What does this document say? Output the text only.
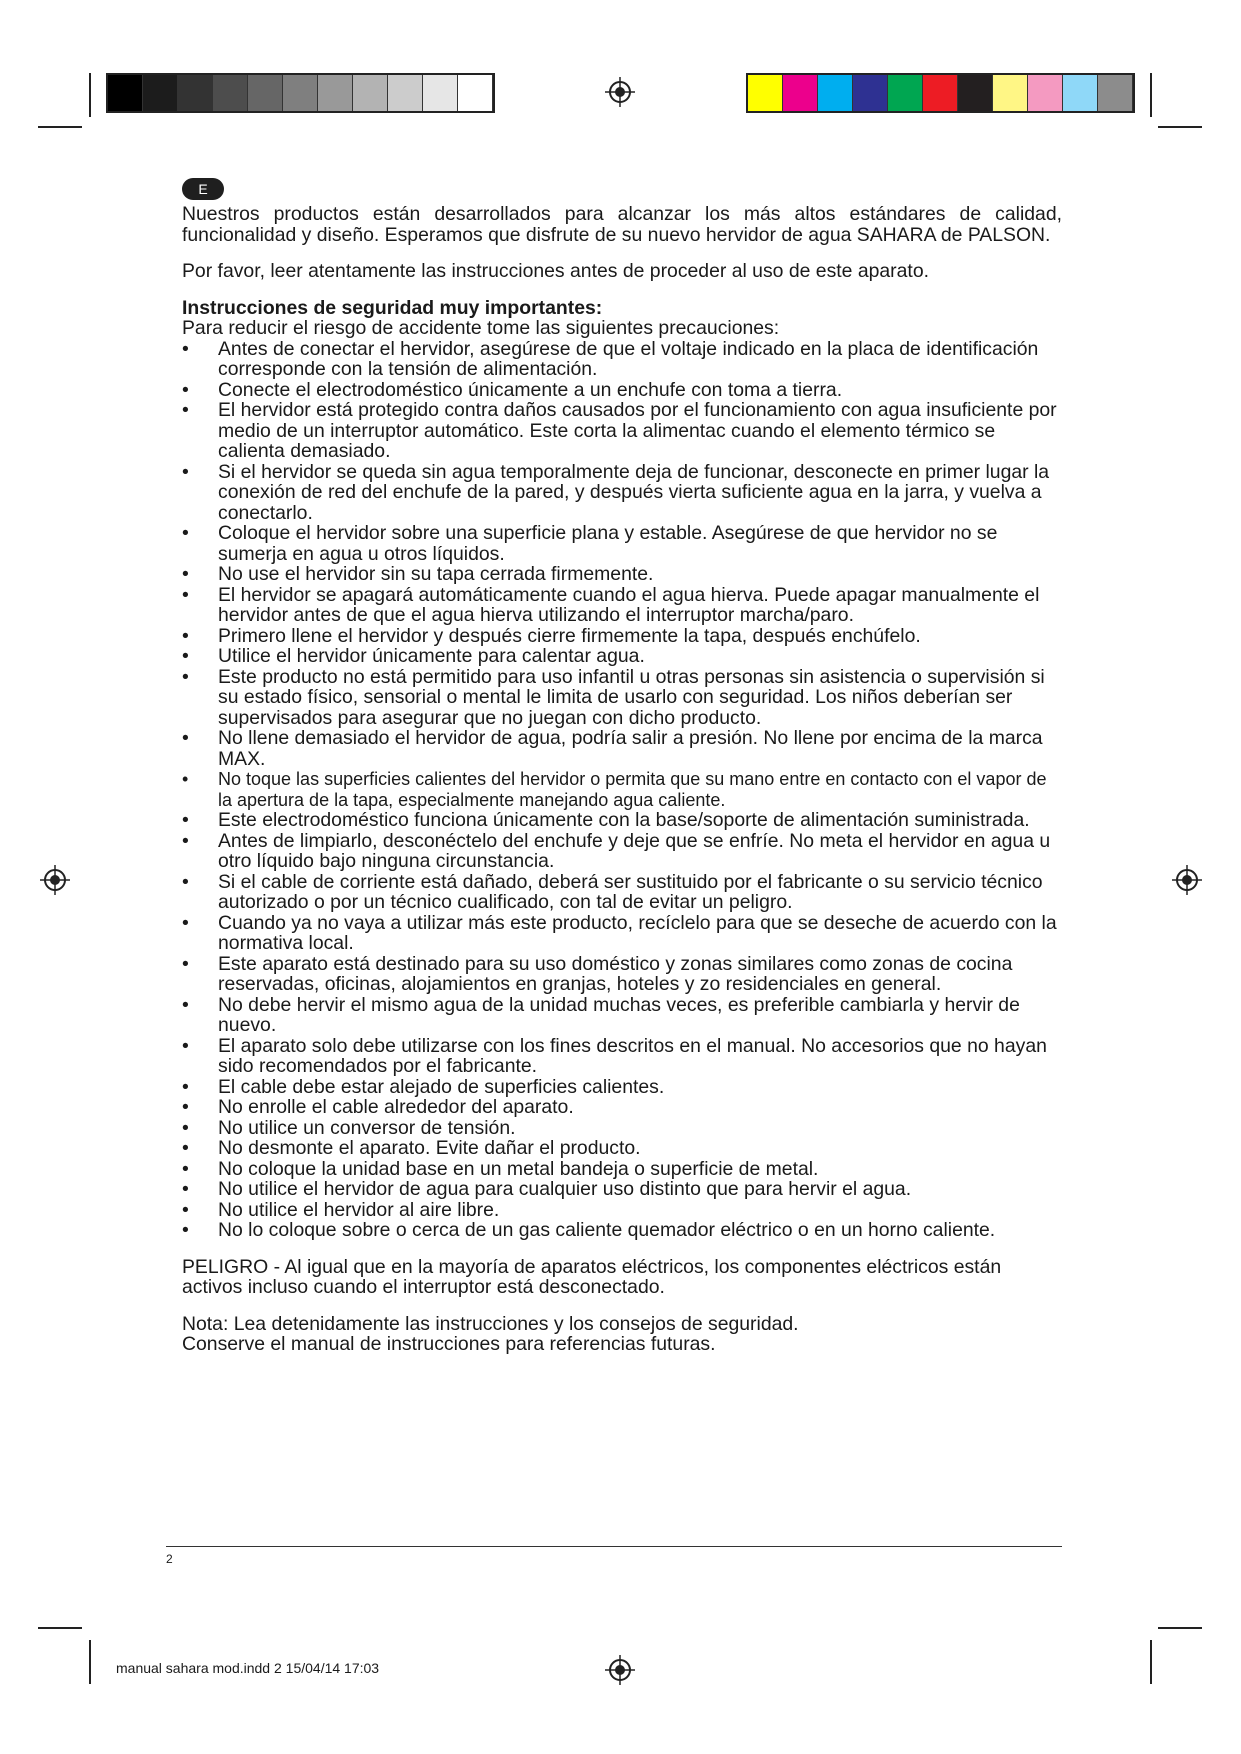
E

Nuestros productos están desarrollados para alcanzar los más altos estándares de calidad, funcionalidad y diseño. Esperamos que disfrute de su nuevo hervidor de agua SAHARA de PALSON.

Por favor, leer atentamente las instrucciones antes de proceder al uso de este aparato.

Instrucciones de seguridad muy importantes:

Para reducir el riesgo de accidente tome las siguientes precauciones:

• Antes de conectar el hervidor, asegúrese de que el voltaje indicado en la placa de identificación corresponde con la tensión de alimentación.
• Conecte el electrodoméstico únicamente a un enchufe con toma a tierra.
• El hervidor está protegido contra daños causados por el funcionamiento con agua insuficiente por medio de un interruptor automático. Este corta la alimentac cuando el elemento térmico se calienta demasiado.
• Si el hervidor se queda sin agua temporalmente deja de funcionar, desconecte en primer lugar la conexión de red del enchufe de la pared, y después vierta suficiente agua en la jarra, y vuelva a conectarlo.
• Coloque el hervidor sobre una superficie plana y estable. Asegúrese de que hervidor no se sumerja en agua u otros líquidos.
• No use el hervidor sin su tapa cerrada firmemente.
• El hervidor se apagará automáticamente cuando el agua hierva. Puede apagar manualmente el hervidor antes de que el agua hierva utilizando el interruptor marcha/paro.
• Primero llene el hervidor y después cierre firmemente la tapa, después enchúfelo.
• Utilice el hervidor únicamente para calentar agua.
• Este producto no está permitido para uso infantil u otras personas sin asistencia o supervisión si su estado físico, sensorial o mental le limita de usarlo con seguridad. Los niños deberían ser supervisados para asegurar que no juegan con dicho producto.
• No llene demasiado el hervidor de agua, podría salir a presión. No llene por encima de la marca MAX.
• No toque las superficies calientes del hervidor o permita que su mano entre en contacto con el vapor de la apertura de la tapa, especialmente manejando agua caliente.
• Este electrodoméstico funciona únicamente con la base/soporte de alimentación suministrada.
• Antes de limpiarlo, desconéctelo del enchufe y deje que se enfríe. No meta el hervidor en agua u otro líquido bajo ninguna circunstancia.
• Si el cable de corriente está dañado, deberá ser sustituido por el fabricante o su servicio técnico autorizado o por un técnico cualificado, con tal de evitar un peligro.
• Cuando ya no vaya a utilizar más este producto, recíclelo para que se deseche de acuerdo con la normativa local.
• Este aparato está destinado para su uso doméstico y zonas similares como zonas de cocina reservadas, oficinas, alojamientos en granjas, hoteles y zo residenciales en general.
• No debe hervir el mismo agua de la unidad muchas veces, es preferible cambiarla y hervir de nuevo.
• El aparato solo debe utilizarse con los fines descritos en el manual. No accesorios que no hayan sido recomendados por el fabricante.
• El cable debe estar alejado de superficies calientes.
• No enrolle el cable alrededor del aparato.
• No utilice un conversor de tensión.
• No desmonte el aparato. Evite dañar el producto.
• No coloque la unidad base en un metal bandeja o superficie de metal.
• No utilice el hervidor de agua para cualquier uso distinto que para hervir el agua.
• No utilice el hervidor al aire libre.
• No lo coloque sobre o cerca de un gas caliente quemador eléctrico o en un horno caliente.

PELIGRO - Al igual que en la mayoría de aparatos eléctricos, los componentes eléctricos están activos incluso cuando el interruptor está desconectado.

Nota: Lea detenidamente las instrucciones y los consejos de seguridad.

Conserve el manual de instrucciones para referencias futuras.

2
manual sahara mod.indd 2 15/04/14 17:03
